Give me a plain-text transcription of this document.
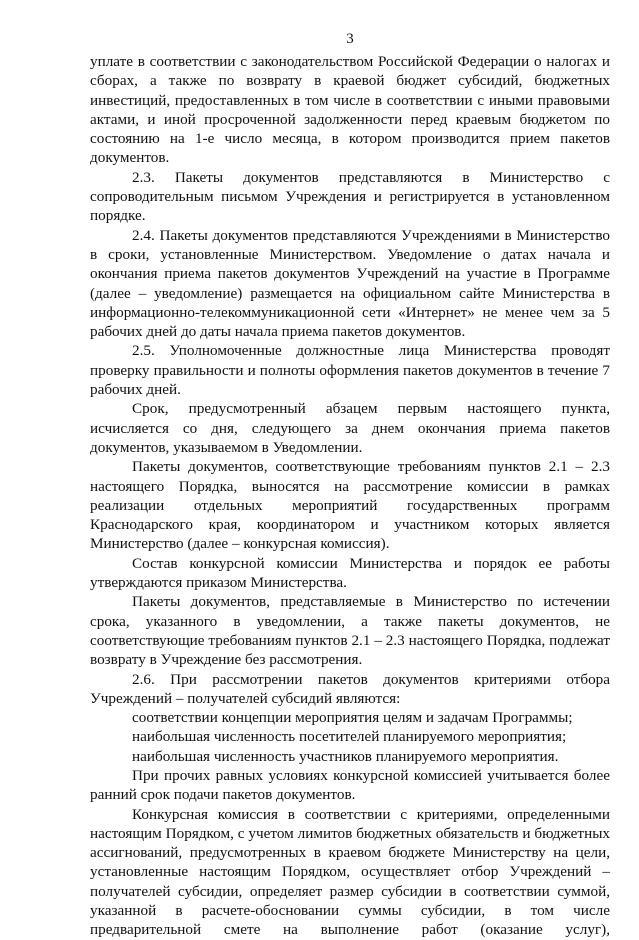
3

уплате в соответствии с законодательством Российской Федерации о налогах и сборах, а также по возврату в краевой бюджет субсидий, бюджетных инвестиций, предоставленных в том числе в соответствии с иными правовыми актами, и иной просроченной задолженности перед краевым бюджетом по состоянию на 1-е число месяца, в котором производится прием пакетов документов.

2.3. Пакеты документов представляются в Министерство с сопроводительным письмом Учреждения и регистрируется в установленном порядке.

2.4. Пакеты документов представляются Учреждениями в Министерство в сроки, установленные Министерством. Уведомление о датах начала и окончания приема пакетов документов Учреждений на участие в Программе (далее – уведомление) размещается на официальном сайте Министерства в информационно-телекоммуникационной сети «Интернет» не менее чем за 5 рабочих дней до даты начала приема пакетов документов.

2.5. Уполномоченные должностные лица Министерства проводят проверку правильности и полноты оформления пакетов документов в течение 7 рабочих дней.

Срок, предусмотренный абзацем первым настоящего пункта, исчисляется со дня, следующего за днем окончания приема пакетов документов, указываемом в Уведомлении.

Пакеты документов, соответствующие требованиям пунктов 2.1 – 2.3 настоящего Порядка, выносятся на рассмотрение комиссии в рамках реализации отдельных мероприятий государственных программ Краснодарского края, координатором и участником которых является Министерство (далее – конкурсная комиссия).

Состав конкурсной комиссии Министерства и порядок ее работы утверждаются приказом Министерства.

Пакеты документов, представляемые в Министерство по истечении срока, указанного в уведомлении, а также пакеты документов, не соответствующие требованиям пунктов 2.1 – 2.3 настоящего Порядка, подлежат возврату в Учреждение без рассмотрения.

2.6. При рассмотрении пакетов документов критериями отбора Учреждений – получателей субсидий являются:

соответствии концепции мероприятия целям и задачам Программы;

наибольшая численность посетителей планируемого мероприятия;

наибольшая численность участников планируемого мероприятия.

При прочих равных условиях конкурсной комиссией учитывается более ранний срок подачи пакетов документов.

Конкурсная комиссия в соответствии с критериями, определенными настоящим Порядком, с учетом лимитов бюджетных обязательств и бюджетных ассигнований, предусмотренных в краевом бюджете Министерству на цели, установленные настоящим Порядком, осуществляет отбор Учреждений – получателей субсидии, определяет размер субсидии в соответствии суммой, указанной в расчете-обосновании суммы субсидии, в том числе предварительной смете на выполнение работ (оказание услуг),
